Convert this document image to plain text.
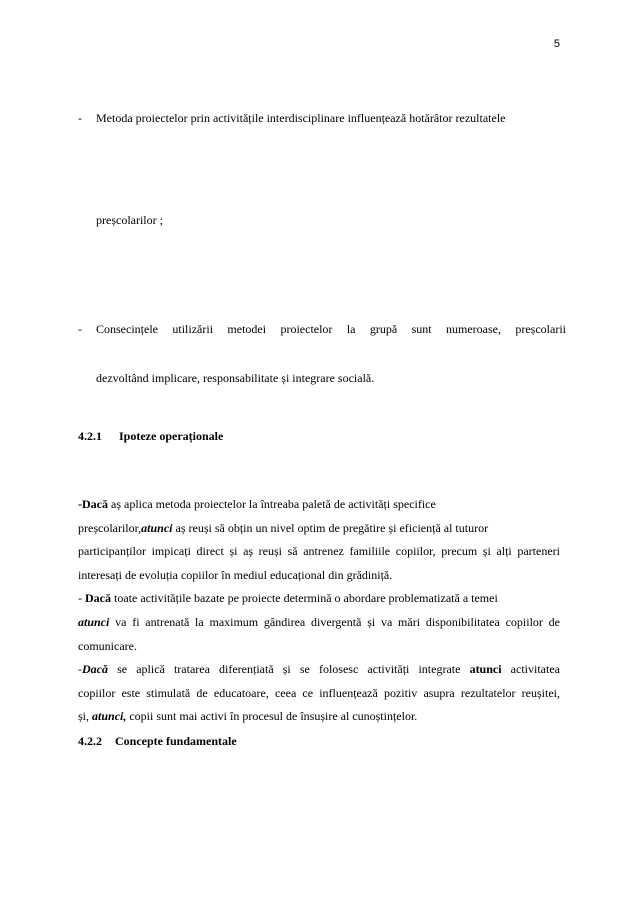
5
- Metoda proiectelor prin activitățile interdisciplinare influențează hotărâtor rezultatele
preșcolarilor ;
- Consecințele utilizării metodei proiectelor la grupă sunt numeroase, preșcolarii
dezvoltând implicare, responsabilitate și integrare socială.
4.2.1 Ipoteze operaționale
-Dacă aș aplica metoda proiectelor la întreaba paletă de activități specifice
preșcolarilor,atunci aș reuși să obțin un nivel optim de pregătire și eficiență al tuturor
participanților impicați direct și aș reuși să antrenez familiile copiilor, precum și alți parteneri
interesați de evoluția copiilor în mediul educațional din grădiniță.
- Dacă toate activitățile bazate pe proiecte determină o abordare problematizată a temei
atunci va fi antrenată la maximum gândirea divergentă și va mări disponibilitatea copiilor de
comunicare.
-Dacă se aplică tratarea diferențiată și se folosesc activități integrate atunci activitatea
copiilor este stimulată de educatoare, ceea ce influențează pozitiv asupra rezultatelor reușitei,
și, atunci, copii sunt mai activi în procesul de însușire al cunoștințelor.
4.2.2 Concepte fundamentale
